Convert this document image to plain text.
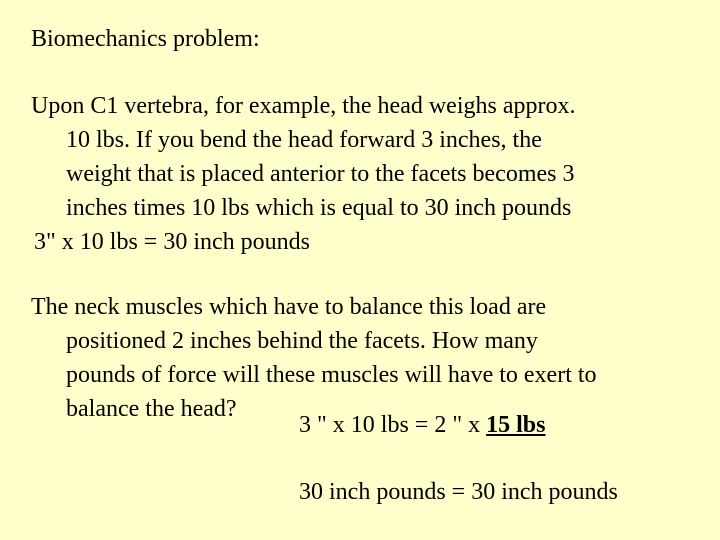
Biomechanics problem:
Upon C1 vertebra, for example, the head weighs approx.
10 lbs. If you bend the head forward 3 inches, the
weight that is placed anterior to the facets becomes 3
inches times 10 lbs which is equal to 30 inch pounds
3" x 10 lbs = 30 inch pounds
The neck muscles which have to balance this load are
positioned 2 inches behind the facets. How many
pounds of force will these muscles will have to exert to
balance the head?
3 " x 10 lbs = 2 " x 15 lbs
30 inch pounds = 30 inch pounds
